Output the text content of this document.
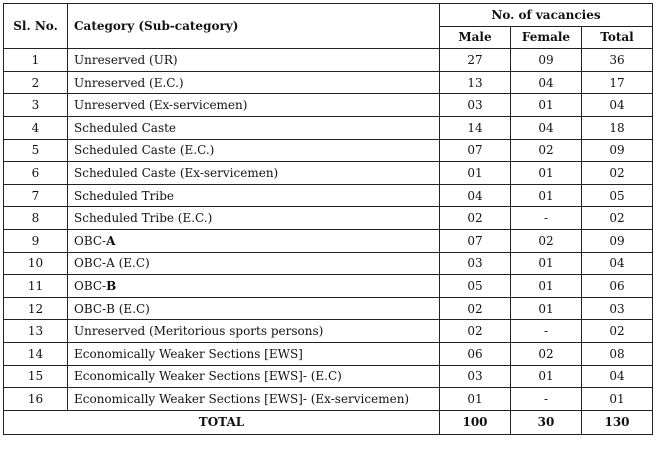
Sl. No.	Category (Sub-category)	No. of vacancies		
		Male	Female	Total
1	Unreserved (UR)	27	09	36
2	Unreserved (E.C.)	13	04	17
3	Unreserved (Ex-servicemen)	03	01	04
4	Scheduled Caste	14	04	18
5	Scheduled Caste (E.C.)	07	02	09
6	Scheduled Caste (Ex-servicemen)	01	01	02
7	Scheduled Tribe	04	01	05
8	Scheduled Tribe (E.C.)	02	-	02
9	OBC-A	07	02	09
10	OBC-A (E.C)	03	01	04
11	OBC-B	05	01	06
12	OBC-B (E.C)	02	01	03
13	Unreserved (Meritorious sports persons)	02	-	02
14	Economically Weaker Sections [EWS]	06	02	08
15	Economically Weaker Sections [EWS]- (E.C)	03	01	04
16	Economically Weaker Sections [EWS]- (Ex-servicemen)	01	-	01
TOTAL		100	30	130
